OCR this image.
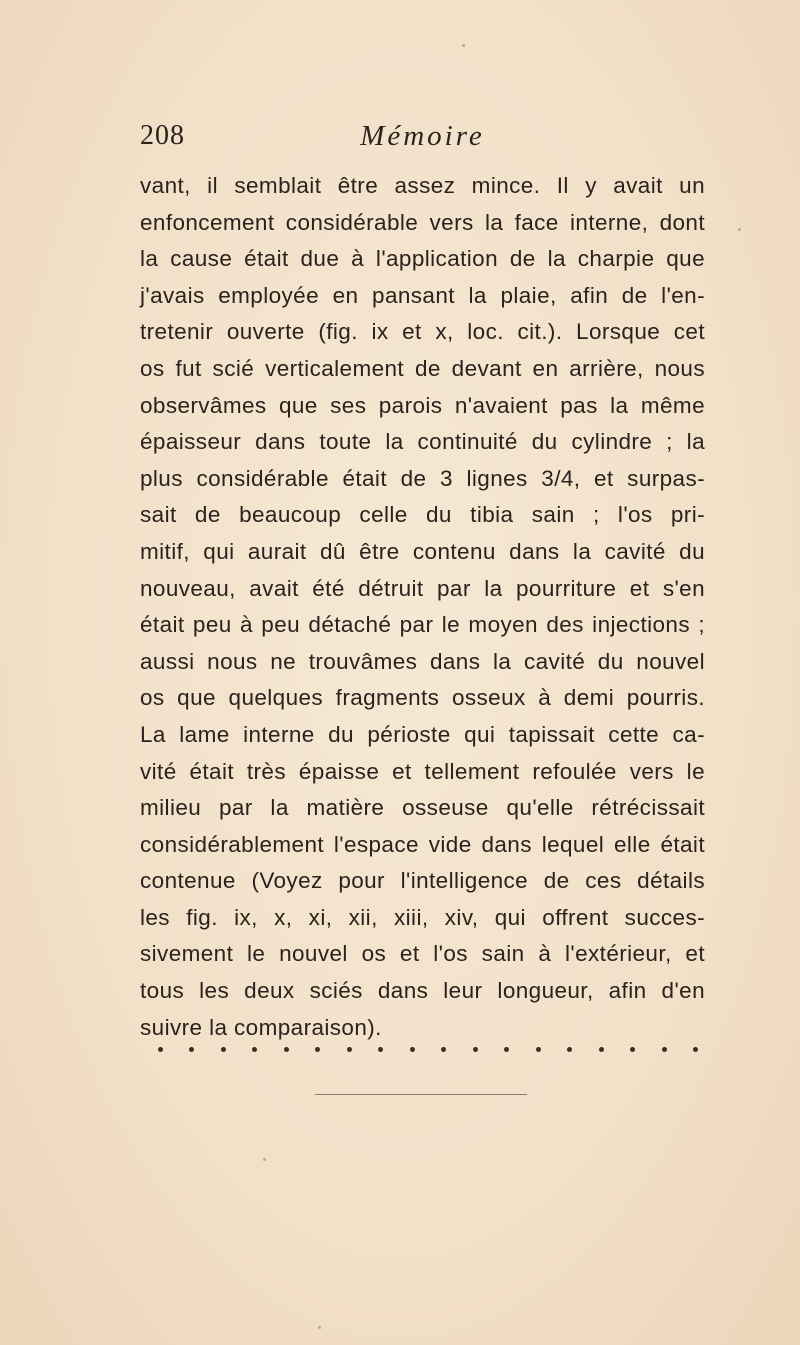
208	Mémoire
vant, il semblait être assez mince. Il y avait un
enfoncement considérable vers la face interne, dont
la cause était due à l'application de la charpie que
j'avais employée en pansant la plaie, afin de l'en-
tretenir ouverte (fig. ix et x, loc. cit.). Lorsque cet
os fut scié verticalement de devant en arrière, nous
observâmes que ses parois n'avaient pas la même
épaisseur dans toute la continuité du cylindre ; la
plus considérable était de 3 lignes 3/4, et surpas-
sait de beaucoup celle du tibia sain ; l'os pri-
mitif, qui aurait dû être contenu dans la cavité du
nouveau, avait été détruit par la pourriture et s'en
était peu à peu détaché par le moyen des injections ;
aussi nous ne trouvâmes dans la cavité du nouvel
os que quelques fragments osseux à demi pourris.
La lame interne du périoste qui tapissait cette ca-
vité était très épaisse et tellement refoulée vers le
milieu par la matière osseuse qu'elle rétrécissait
considérablement l'espace vide dans lequel elle était
contenue (Voyez pour l'intelligence de ces détails
les fig. ix, x, xi, xii, xiii, xiv, qui offrent succes-
sivement le nouvel os et l'os sain à l'extérieur, et
tous les deux sciés dans leur longueur, afin d'en
suivre la comparaison).
